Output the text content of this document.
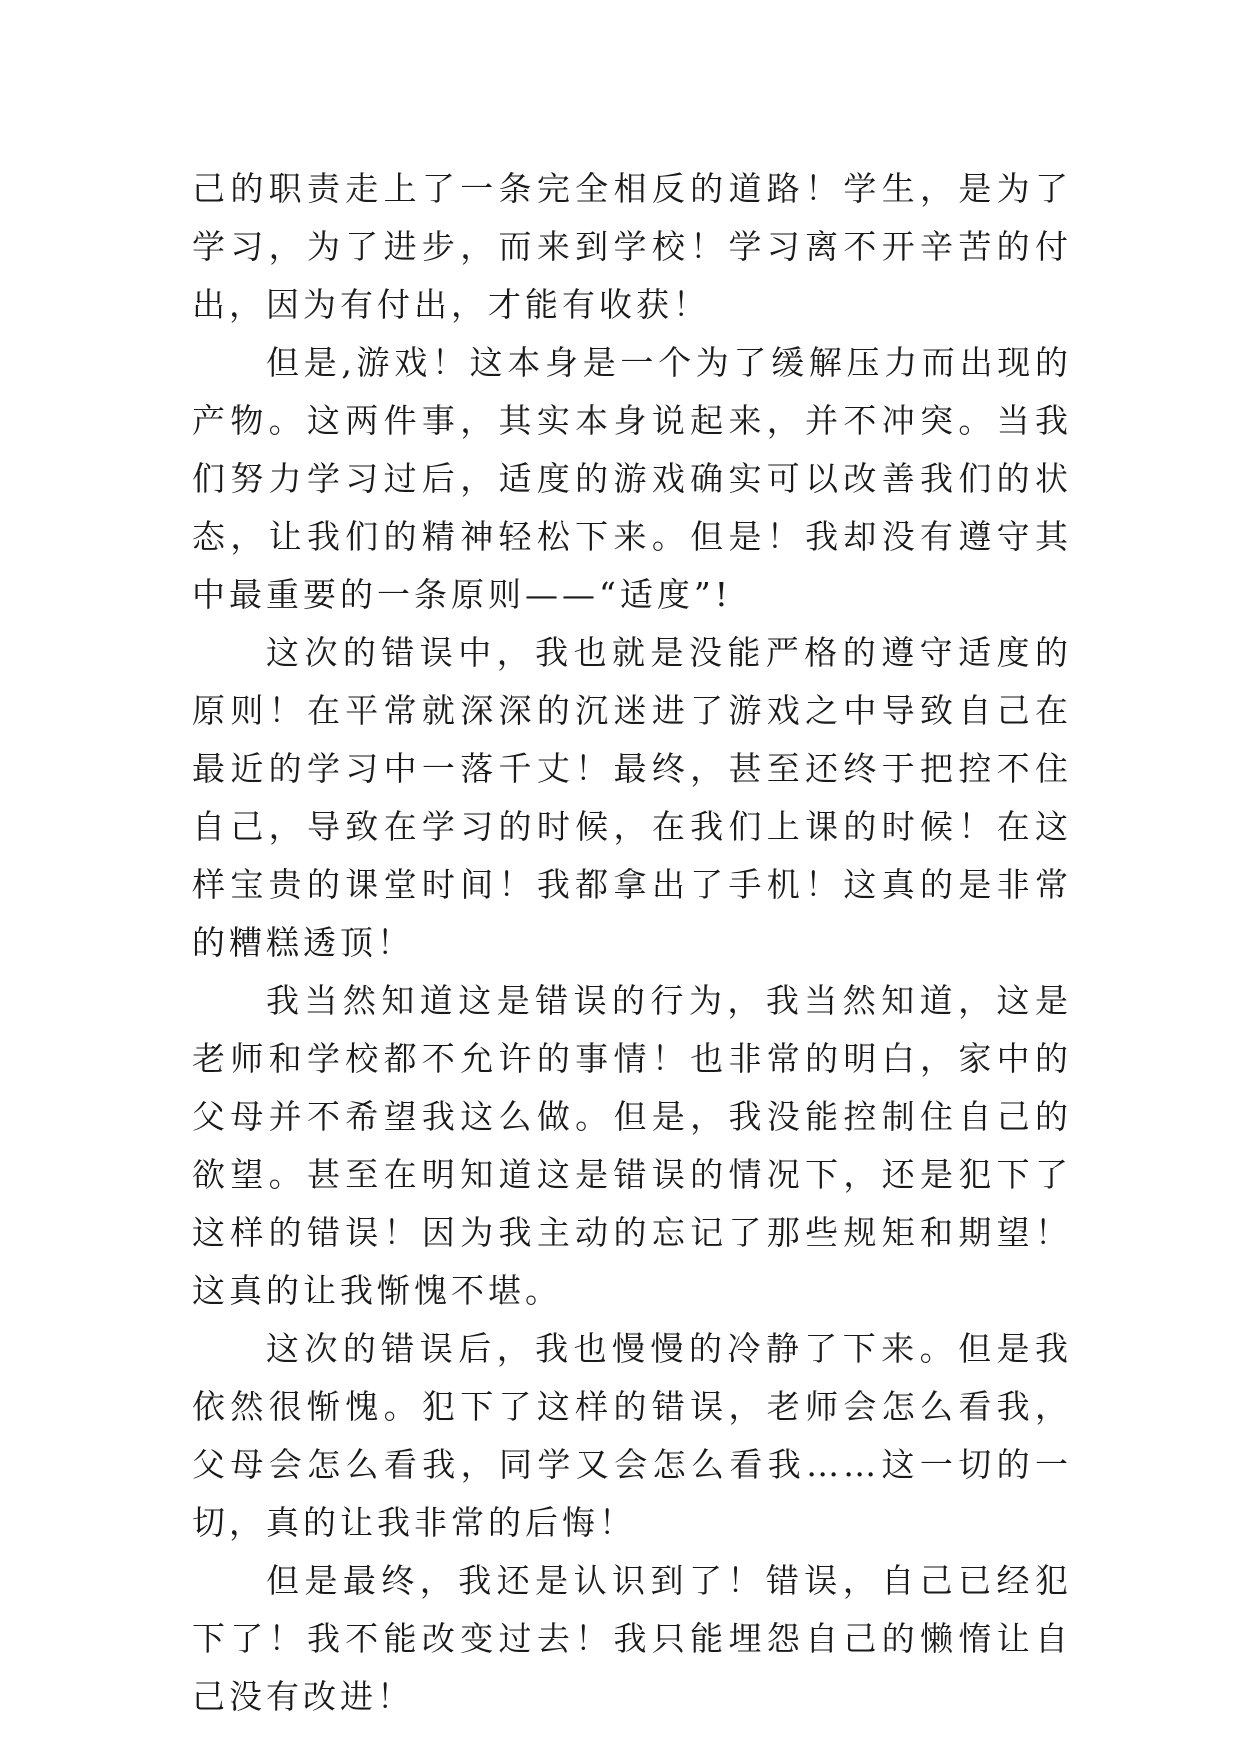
己的职责走上了一条完全相反的道路！学生，是为了学习，为了进步，而来到学校！学习离不开辛苦的付出，因为有付出，才能有收获！

但是,游戏！这本身是一个为了缓解压力而出现的产物。这两件事，其实本身说起来，并不冲突。当我们努力学习过后，适度的游戏确实可以改善我们的状态，让我们的精神轻松下来。但是！我却没有遵守其中最重要的一条原则——“适度”!

这次的错误中，我也就是没能严格的遵守适度的原则！在平常就深深的沉迷进了游戏之中导致自己在最近的学习中一落千丈！最终，甚至还终于把控不住自己，导致在学习的时候，在我们上课的时候！在这样宝贵的课堂时间！我都拿出了手机！这真的是非常的糟糕透顶！

我当然知道这是错误的行为，我当然知道，这是老师和学校都不允许的事情！也非常的明白，家中的父母并不希望我这么做。但是，我没能控制住自己的欲望。甚至在明知道这是错误的情况下，还是犯下了这样的错误！因为我主动的忘记了那些规矩和期望！这真的让我惭愧不堪。

这次的错误后，我也慢慢的冷静了下来。但是我依然很惭愧。犯下了这样的错误，老师会怎么看我，父母会怎么看我，同学又会怎么看我……这一切的一切，真的让我非常的后悔！

但是最终，我还是认识到了！错误，自己已经犯下了！我不能改变过去！我只能埋怨自己的懒惰让自己没有改进！
